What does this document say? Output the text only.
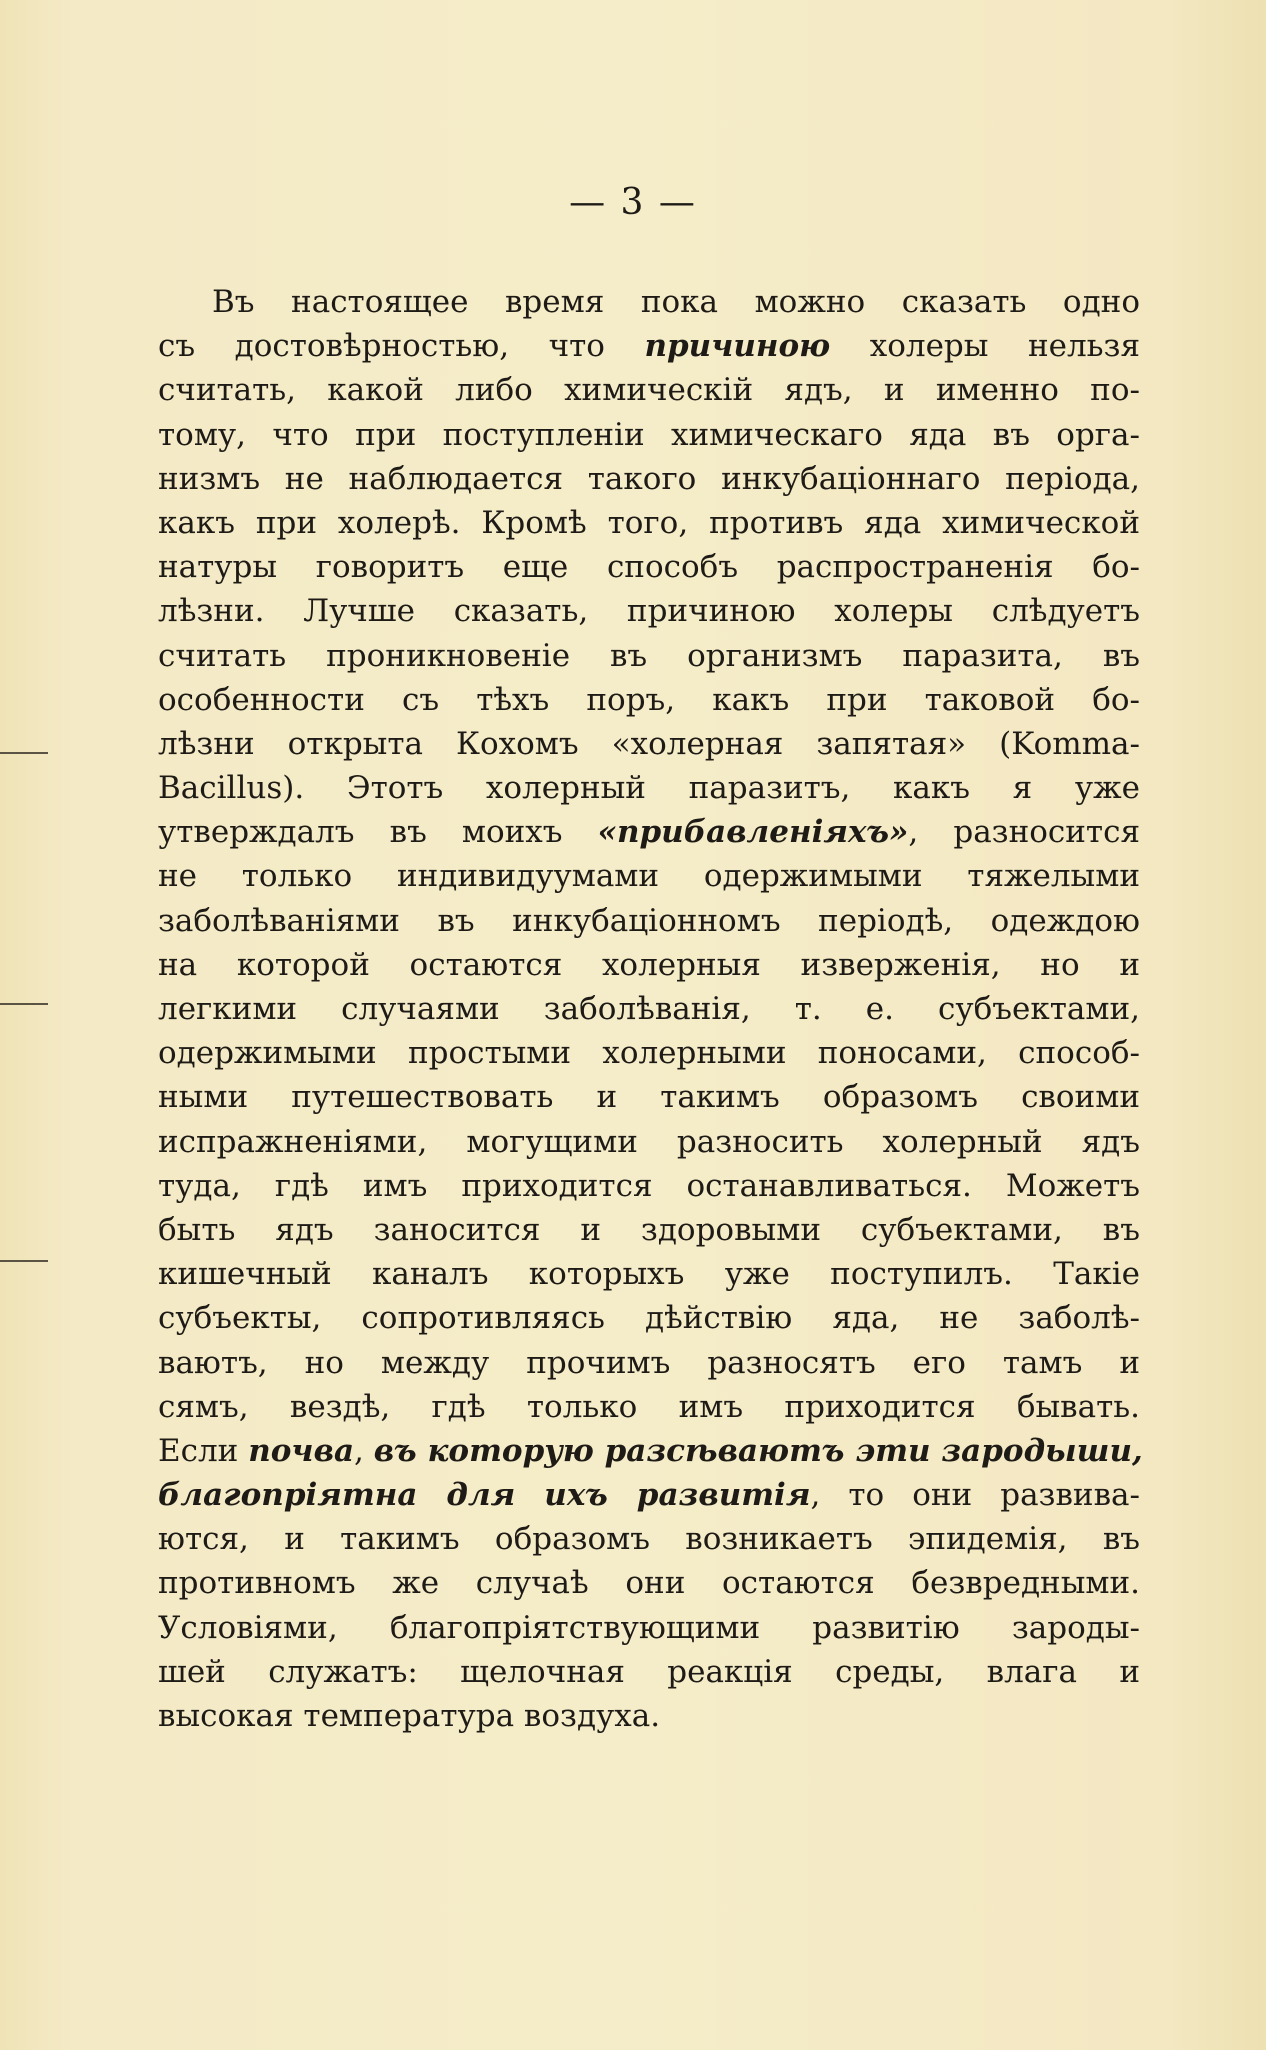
— 3 —
Въ настоящее время пока можно сказать одно
съ достовѣрностью, что причиною холеры нельзя
считать, какой либо химическій ядъ, и именно по-
тому, что при поступленіи химическаго яда въ орга-
низмъ не наблюдается такого инкубаціоннаго періода,
какъ при холерѣ. Кромѣ того, противъ яда химической
натуры говоритъ еще способъ распространенія бо-
лѣзни. Лучше сказать, причиною холеры слѣдуетъ
считать проникновеніе въ организмъ паразита, въ
особенности съ тѣхъ поръ, какъ при таковой бо-
лѣзни открыта Кохомъ «холерная запятая» (Komma-
Bacillus). Этотъ холерный паразитъ, какъ я уже
утверждалъ въ моихъ «прибавленіяхъ», разносится
не только индивидуумами одержимыми тяжелыми
заболѣваніями въ инкубаціонномъ періодѣ, одеждою
на которой остаются холерныя изверженія, но и
легкими случаями заболѣванія, т. е. субъектами,
одержимыми простыми холерными поносами, способ-
ными путешествовать и такимъ образомъ своими
испражненіями, могущими разносить холерный ядъ
туда, гдѣ имъ приходится останавливаться. Можетъ
быть ядъ заносится и здоровыми субъектами, въ
кишечный каналъ которыхъ уже поступилъ. Такіе
субъекты, сопротивляясь дѣйствію яда, не заболѣ-
ваютъ, но между прочимъ разносятъ его тамъ и
сямъ, вездѣ, гдѣ только имъ приходится бывать.
Если почва, въ которую разсѣваютъ эти зародыши,
благопріятна для ихъ развитія, то они развива-
ются, и такимъ образомъ возникаетъ эпидемія, въ
противномъ же случаѣ они остаются безвредными.
Условіями, благопріятствующими развитію зароды-
шей служатъ: щелочная реакція среды, влага и
высокая температура воздуха.
